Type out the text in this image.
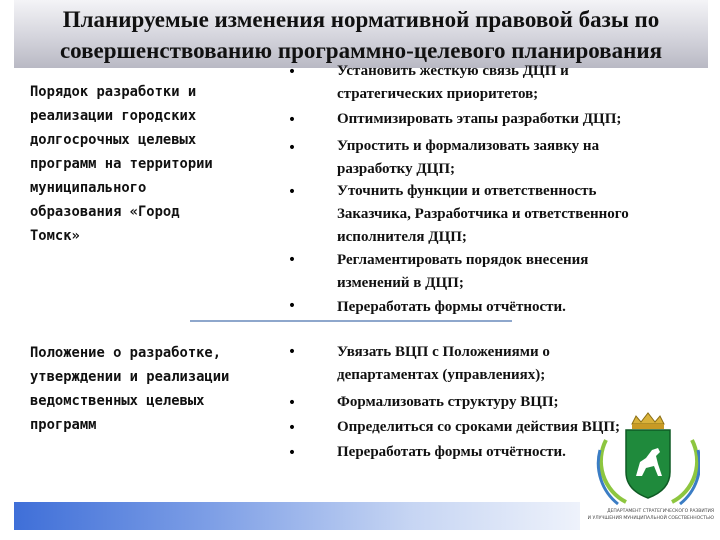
Планируемые изменения нормативной правовой базы по
совершенствованию программно-целевого планирования
Порядок разработки и
реализации городских
долгосрочных целевых
программ на территории
муниципального
образования «Город
Томск»
•
•
•
•
•
•
Установить жесткую связь ДЦП и
стратегических приоритетов;
Оптимизировать этапы разработки ДЦП;
Упростить и формализовать заявку на
разработку ДЦП;
Уточнить функции и ответственность
Заказчика, Разработчика и ответственного
исполнителя ДЦП;
Регламентировать порядок внесения
изменений в ДЦП;
Переработать формы отчётности.
Положение о разработке,
утверждении и реализации
ведомственных целевых
программ
•
•
•
•
Увязать ВЦП с Положениями о
департаментах (управлениях);
Формализовать структуру ВЦП;
Определиться со сроками действия ВЦП;
Переработать формы отчётности.
ДЕПАРТАМЕНТ СТРАТЕГИЧЕСКОГО РАЗВИТИЯ
И УЛУЧШЕНИЯ МУНИЦИПАЛЬНОЙ СОБСТВЕННОСТЬЮ
